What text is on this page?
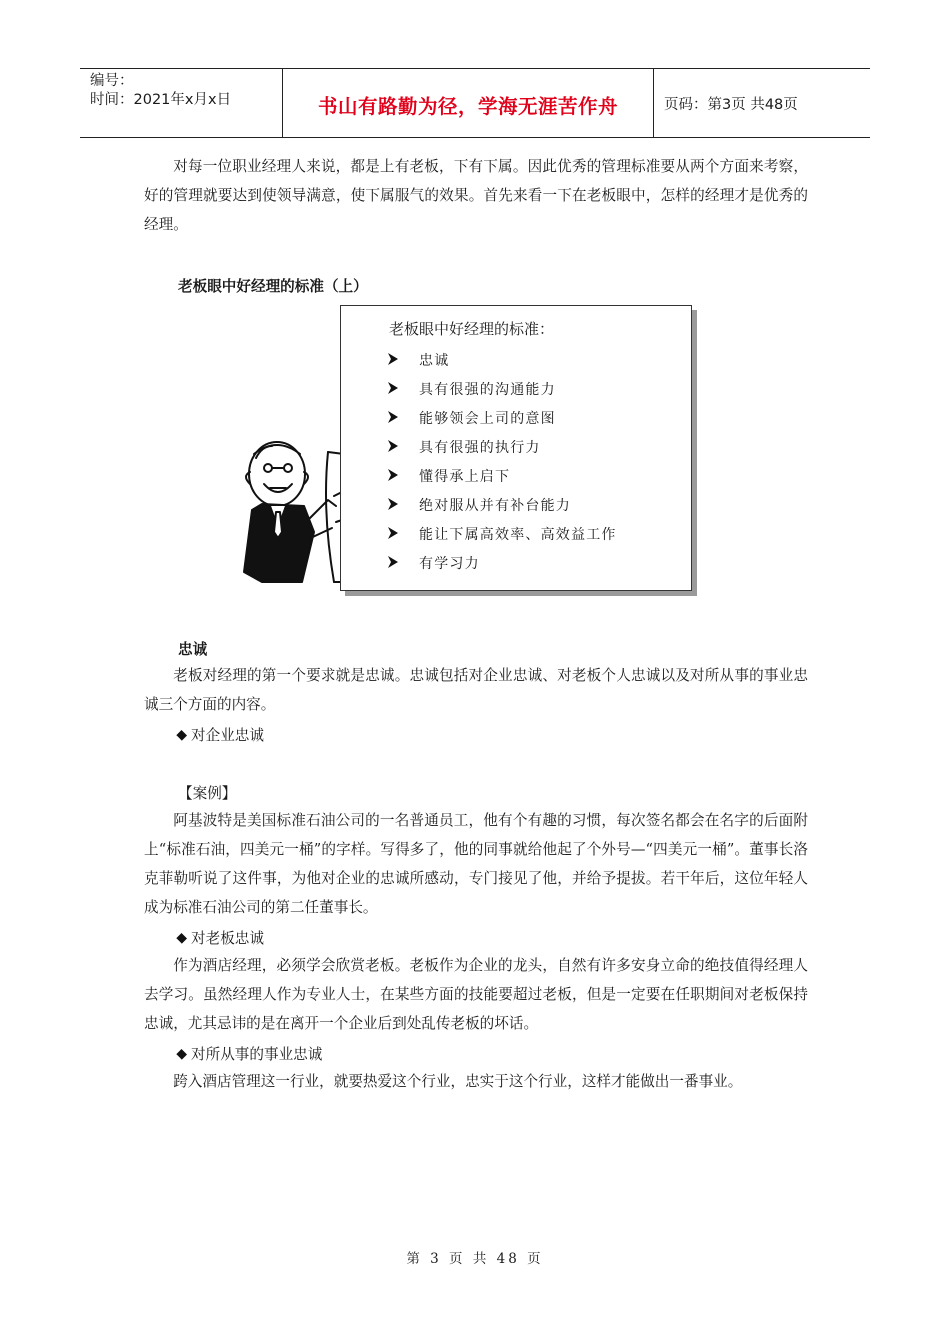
编号：
时间：2021年x月x日	书山有路勤为径，学海无涯苦作舟	页码：第3页 共48页

对每一位职业经理人来说，都是上有老板，下有下属。因此优秀的管理标准要从两个方面来考察，好的管理就要达到使领导满意，使下属服气的效果。首先来看一下在老板眼中，怎样的经理才是优秀的经理。

老板眼中好经理的标准（上）
老板眼中好经理的标准：
忠诚
具有很强的沟通能力
能够领会上司的意图
具有很强的执行力
懂得承上启下
绝对服从并有补台能力
能让下属高效率、高效益工作
有学习力
忠诚

老板对经理的第一个要求就是忠诚。忠诚包括对企业忠诚、对老板个人忠诚以及对所从事的事业忠诚三个方面的内容。

对企业忠诚
【案例】

阿基波特是美国标准石油公司的一名普通员工，他有个有趣的习惯，每次签名都会在名字的后面附上“标准石油，四美元一桶”的字样。写得多了，他的同事就给他起了个外号—“四美元一桶”。董事长洛克菲勒听说了这件事，为他对企业的忠诚所感动，专门接见了他，并给予提拔。若干年后，这位年轻人成为标准石油公司的第二任董事长。

对老板忠诚

作为酒店经理，必须学会欣赏老板。老板作为企业的龙头，自然有许多安身立命的绝技值得经理人去学习。虽然经理人作为专业人士，在某些方面的技能要超过老板，但是一定要在任职期间对老板保持忠诚，尤其忌讳的是在离开一个企业后到处乱传老板的坏话。

对所从事的事业忠诚

跨入酒店管理这一行业，就要热爱这个行业，忠实于这个行业，这样才能做出一番事业。

第 3 页 共 48 页
